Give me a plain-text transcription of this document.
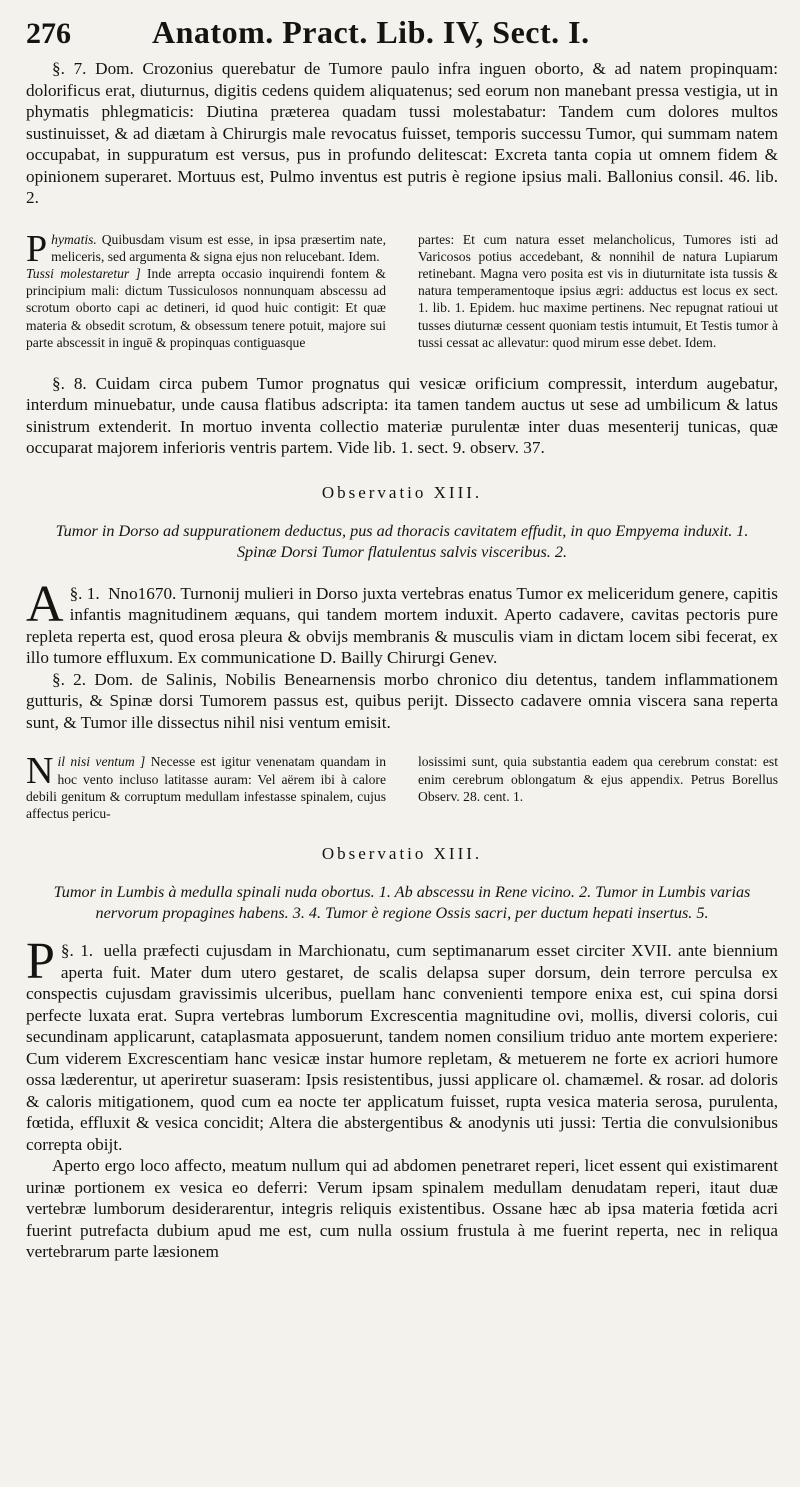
276	Anatom. Pract. Lib. IV, Sect. I.

§. 7. Dom. Crozonius querebatur de Tumore paulo infra inguen oborto, & ad natem propinquam: dolorificus erat, diuturnus, digitis cedens quidem aliquatenus; sed eorum non manebant pressa vestigia, ut in phymatis phlegmaticis: Diutina præterea quadam tussi molestabatur: Tandem cum dolores multos sustinuisset, & ad diætam à Chirurgis male revocatus fuisset, temporis successu Tumor, qui summam natem occupabat, in suppuratum est versus, pus in profundo delitescat: Excreta tanta copia ut omnem fidem & opinionem superaret. Mortuus est, Pulmo inventus est putris è regione ipsius mali. Ballonius consil. 46. lib. 2.

P hymatis. Quibusdam visum est esse, in ipsa præsertim nate, meliceris, sed argumenta & signa ejus non relucebant. Idem.

Tussi molestaretur ] Inde arrepta occasio inquirendi fontem & principium mali: dictum Tussiculosos nonnunquam abscessu ad scrotum oborto capi ac detineri, id quod huic contigit: Et quæ materia & obsedit scrotum, & obsessum tenere potuit, majore sui parte abscessit in inguē & propinquas contiguasque

partes: Et cum natura esset melancholicus, Tumores isti ad Varicosos potius accedebant, & nonnihil de natura Lupiarum retinebant. Magna vero posita est vis in diuturnitate ista tussis & natura temperamentoque ipsius ægri: adductus est locus ex sect. 1. lib. 1. Epidem. huc maxime pertinens. Nec repugnat ratioui ut tusses diuturnæ cessent quoniam testis intumuit, Et Testis tumor à tussi cessat ac allevatur: quod mirum esse debet. Idem.

§. 8. Cuidam circa pubem Tumor prognatus qui vesicæ orificium compressit, interdum augebatur, interdum minuebatur, unde causa flatibus adscripta: ita tamen tandem auctus ut sese ad umbilicum & latus sinistrum extenderit. In mortuo inventa collectio materiæ purulentæ inter duas mesenterij tunicas, quæ occuparat majorem inferioris ventris partem. Vide lib. 1. sect. 9. observ. 37.

Observatio XIII.

Tumor in Dorso ad suppurationem deductus, pus ad thoracis cavitatem effudit, in quo Empyema induxit. 1. Spinæ Dorsi Tumor flatulentus salvis visceribus. 2.

§. 1.
A	Nno1670. Turnonij mulieri in Dorso juxta vertebras enatus Tumor ex meliceridum genere, capitis infantis magnitudinem æquans, qui tandem mortem induxit. Aperto cadavere, cavitas pectoris pure repleta reperta est, quod erosa pleura & obvijs membranis & musculis viam in dictam locem sibi fecerat, ex illo tumore effluxum. Ex communicatione D. Bailly Chirurgi Genev.

§. 2. Dom. de Salinis, Nobilis Benearnensis morbo chronico diu detentus, tandem inflammationem gutturis, & Spinæ dorsi Tumorem passus est, quibus perijt. Dissecto cadavere omnia viscera sana reperta sunt, & Tumor ille dissectus nihil nisi ventum emisit.

N il nisi ventum ] Necesse est igitur venenatam quandam in hoc vento incluso latitasse auram: Vel aërem ibi à calore debili genitum & corruptum medullam infestasse spinalem, cujus affectus pericu-

losissimi sunt, quia substantia eadem qua cerebrum constat: est enim cerebrum oblongatum & ejus appendix. Petrus Borellus Observ. 28. cent. 1.

Observatio XIII.

Tumor in Lumbis à medulla spinali nuda obortus. 1. Ab abscessu in Rene vicino. 2. Tumor in Lumbis varias nervorum propagines habens. 3. 4. Tumor è regione Ossis sacri, per ductum hepati insertus. 5.

§. 1.
P	uella præfecti cujusdam in Marchionatu, cum septimanarum esset circiter XVII. ante biennium aperta fuit. Mater dum utero gestaret, de scalis delapsa super dorsum, dein terrore perculsa ex conspectis cujusdam gravissimis ulceribus, puellam hanc convenienti tempore enixa est, cui spina dorsi perfecte luxata erat. Supra vertebras lumborum Excrescentia magnitudine ovi, mollis, diversi coloris, cui secundinam applicarunt, cataplasmata apposuerunt, tandem nomen consilium triduo ante mortem experiere: Cum viderem Excrescentiam hanc vesicæ instar humore repletam, & metuerem ne forte ex acriori humore ossa læderentur, ut aperiretur suaseram: Ipsis resistentibus, jussi applicare ol. chamæmel. & rosar. ad doloris & caloris mitigationem, quod cum ea nocte ter applicatum fuisset, rupta vesica materia serosa, purulenta, fœtida, effluxit & vesica concidit; Altera die abstergentibus & anodynis uti jussi: Tertia die convulsionibus correpta obijt.

Aperto ergo loco affecto, meatum nullum qui ad abdomen penetraret reperi, licet essent qui existimarent urinæ portionem ex vesica eo deferri: Verum ipsam spinalem medullam denudatam reperi, itaut duæ vertebræ lumborum desiderarentur, integris reliquis existentibus. Ossane hæc ab ipsa materia fœtida acri fuerint putrefacta dubium apud me est, cum nulla ossium frustula à me fuerint reperta, nec in reliqua vertebrarum parte læsionem
